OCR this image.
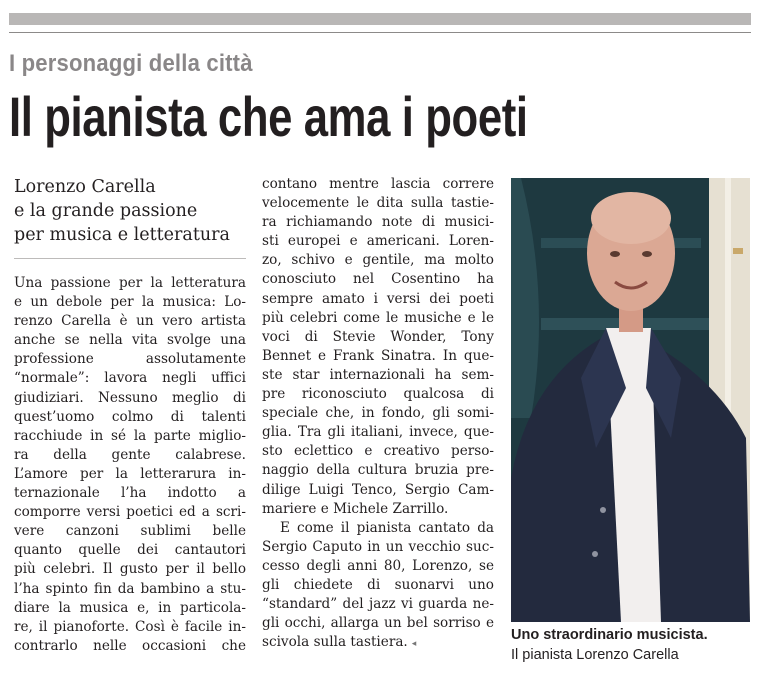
I personaggi della città
Il pianista che ama i poeti
Lorenzo Carella
e la grande passione
per musica e letteratura
Una passione per la letteratura
e un debole per la musica: Lo-
renzo Carella è un vero artista
anche se nella vita svolge una
professione assolutamente
“normale”: lavora negli uffici
giudiziari. Nessuno meglio di
quest’uomo colmo di talenti
racchiude in sé la parte miglio-
ra della gente calabrese.
L’amore per la letterarura in-
ternazionale l’ha indotto a
comporre versi poetici ed a scri-
vere canzoni sublimi belle
quanto quelle dei cantautori
più celebri. Il gusto per il bello
l’ha spinto fin da bambino a stu-
diare la musica e, in particola-
re, il pianoforte. Così è facile in-
contrarlo nelle occasioni che
contano mentre lascia correre
velocemente le dita sulla tastie-
ra richiamando note di musici-
sti europei e americani. Loren-
zo, schivo e gentile, ma molto
conosciuto nel Cosentino ha
sempre amato i versi dei poeti
più celebri come le musiche e le
voci di Stevie Wonder, Tony
Bennet e Frank Sinatra. In que-
ste star internazionali ha sem-
pre riconosciuto qualcosa di
speciale che, in fondo, gli somi-
glia. Tra gli italiani, invece, que-
sto eclettico e creativo perso-
naggio della cultura bruzia pre-
dilige Luigi Tenco, Sergio Cam-
mariere e Michele Zarrillo.
E come il pianista cantato da
Sergio Caputo in un vecchio suc-
cesso degli anni 80, Lorenzo, se
gli chiedete di suonarvi uno
“standard” del jazz vi guarda ne-
gli occhi, allarga un bel sorriso e
scivola sulla tastiera. ◂
Uno straordinario musicista.
Il pianista Lorenzo Carella
